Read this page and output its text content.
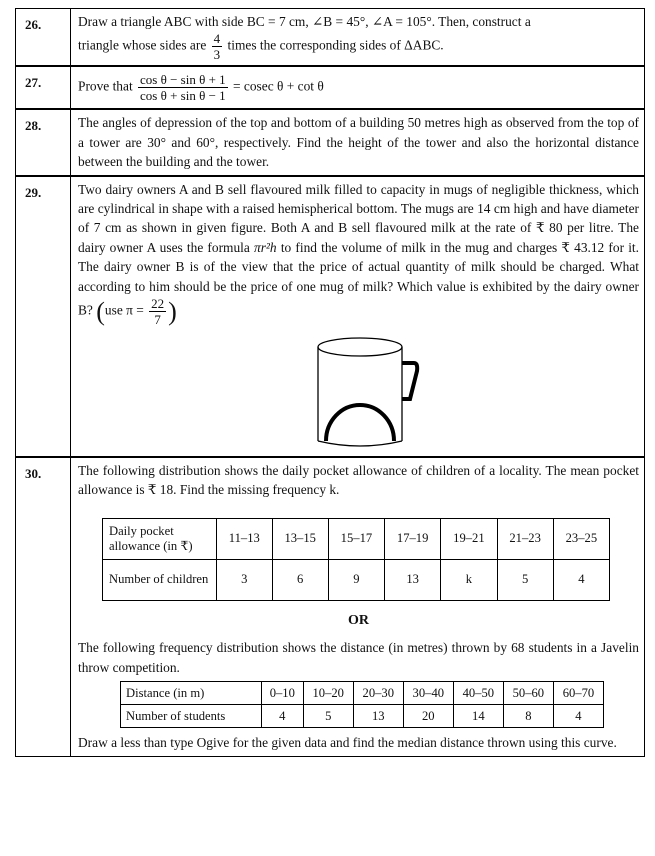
26.	Draw a triangle ABC with side BC = 7 cm, ∠B = 45°, ∠A = 105°. Then, construct a
triangle whose sides are $\frac{4}{3}$ times the corresponding sides of ΔABC.
27.	Prove that $\frac{\text{cos θ − sin θ + 1}}{\text{cos θ + sin θ − 1}} = cosec$ θ + cot θ
28.	The angles of depression of the top and bottom of a building 50 metres high as observed from the top of a tower are 30° and 60°, respectively. Find the height of the tower and also the horizontal distance between the building and the tower.
29.	Two dairy owners A and B sell flavoured milk filled to capacity in mugs of negligible thickness, which are cylindrical in shape with a raised hemispherical bottom. The mugs are 14 cm high and have diameter of 7 cm as shown in given figure. Both A and B sell flavoured milk at the rate of ₹ 80 per litre. The dairy owner A uses the formula πr²h to find the volume of milk in the mug and charges ₹ 43.12 for it. The dairy owner B is of the view that the price of actual quantity of milk should be charged. What according to him should be the price of one mug of milk? Which value is exhibited by the dairy owner B? (use $\pi = \frac{22}{7}$ )
30.	The following distribution shows the daily pocket allowance of children of a locality. The mean pocket allowance is ₹ 18. Find the missing frequency k.
Daily pocket allowance (in ₹)	11–13	13–15	15–17	17–19	19–21	21–23	23–25
Number of children	3	6	9	13	k	5	4
OR
The following frequency distribution shows the distance (in metres) thrown by 68 students in a Javelin throw competition.
Distance (in m)	0–10	10–20	20–30	30–40	40–50	50–60	60–70
Number of students	4	5	13	20	14	8	4
Draw a less than type Ogive for the given data and find the median distance thrown using this curve.
